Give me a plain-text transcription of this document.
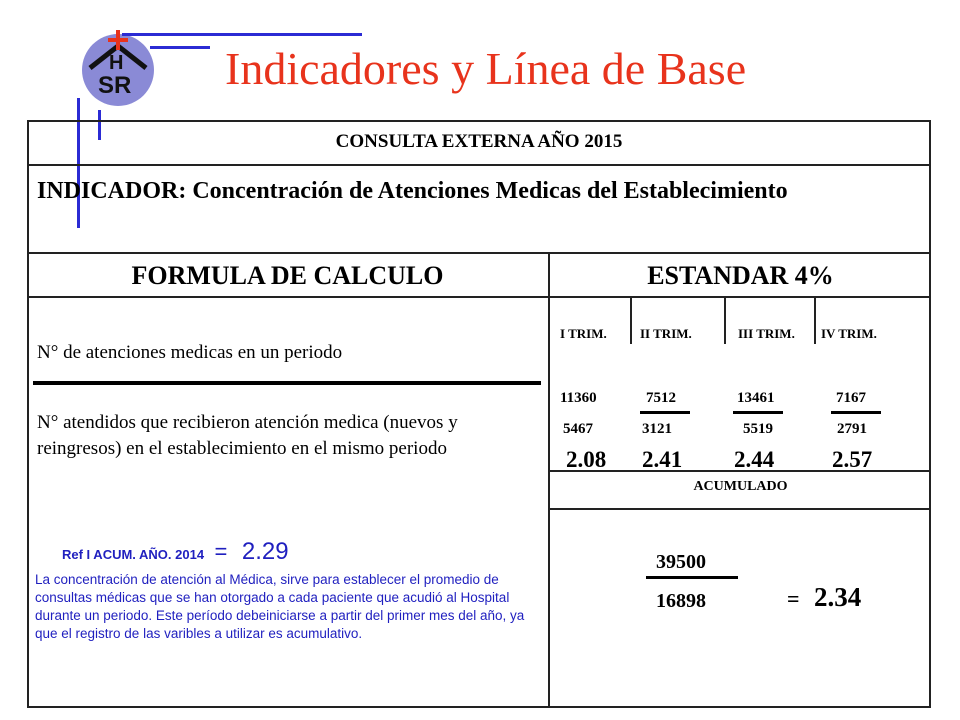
H
SR Indicadores y Línea de Base
CONSULTA EXTERNA AÑO 2015
INDICADOR: Concentración de Atenciones Medicas del Establecimiento
FORMULA DE CALCULO	ESTANDAR 4%
N° de atenciones medicas en un periodo
N° atendidos que recibieron atención medica (nuevos y reingresos) en el establecimiento en el mismo periodo
Ref I ACUM. AÑO. 2014 = 2.29
La concentración de atención al Médica, sirve para establecer el promedio de consultas médicas que se han otorgado a cada paciente que acudió al Hospital durante un periodo. Este período debeiniciarse a partir del primer mes del año, ya que el registro de las varibles a utilizar es acumulativo.
I TRIM.
11360
5467
2.08
II TRIM.
7512
3121
2.41
III TRIM.
13461
5519
2.44
IV TRIM.
7167
2791
2.57
ACUMULADO
39500
16898	= 2.34
